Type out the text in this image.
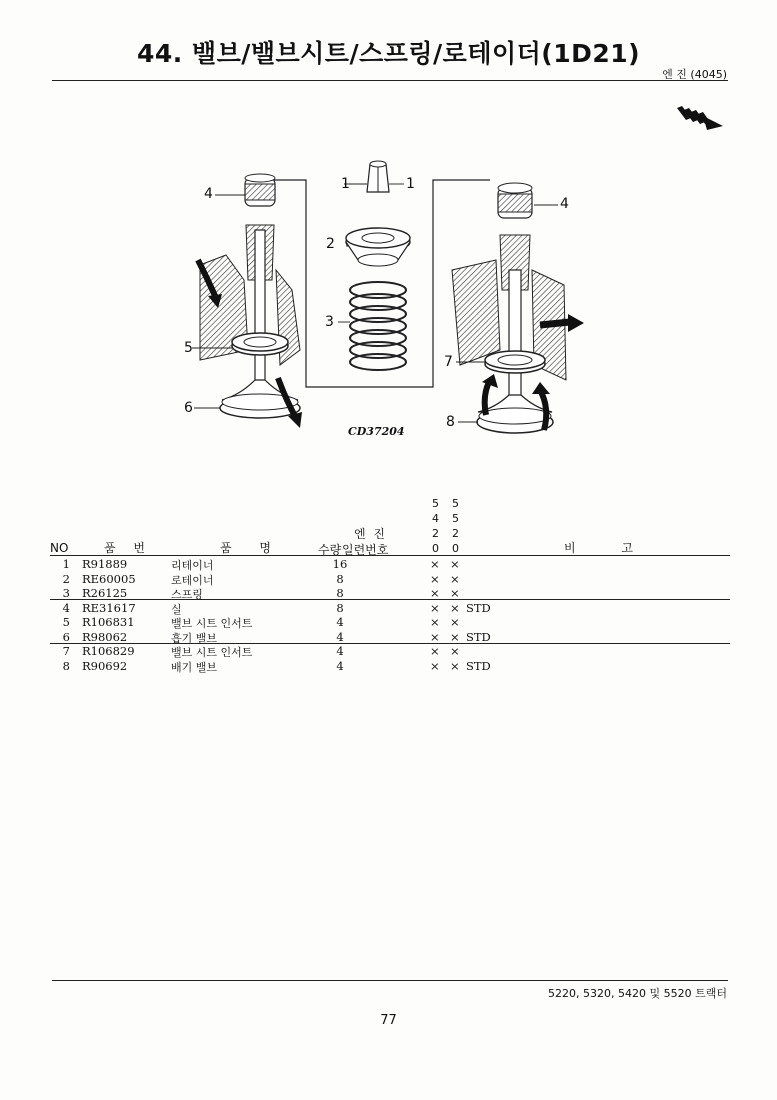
44. 밸브/밸브시트/스프링/로테이더(1D21)
엔 진 (4045)
1	1
2
3
4
4
5
6
7
8
CD37204
5
4
2
0
5
5
2
0
엔 진
일련번호
NO	품 번	품 명	수량	비 고
1 R91889	리테이너	16	× ×
2 RE60005	로테이너	8	× ×
3 R26125	스프링	8	× ×
4 RE31617	실	8	× × STD
5 R106831	밸브 시트 인서트	4	× ×
6 R98062	흡기 밸브	4	× × STD
7 R106829	밸브 시트 인서트	4	× ×
8 R90692	배기 밸브	4	× × STD
5220, 5320, 5420 및 5520 트랙터
77
